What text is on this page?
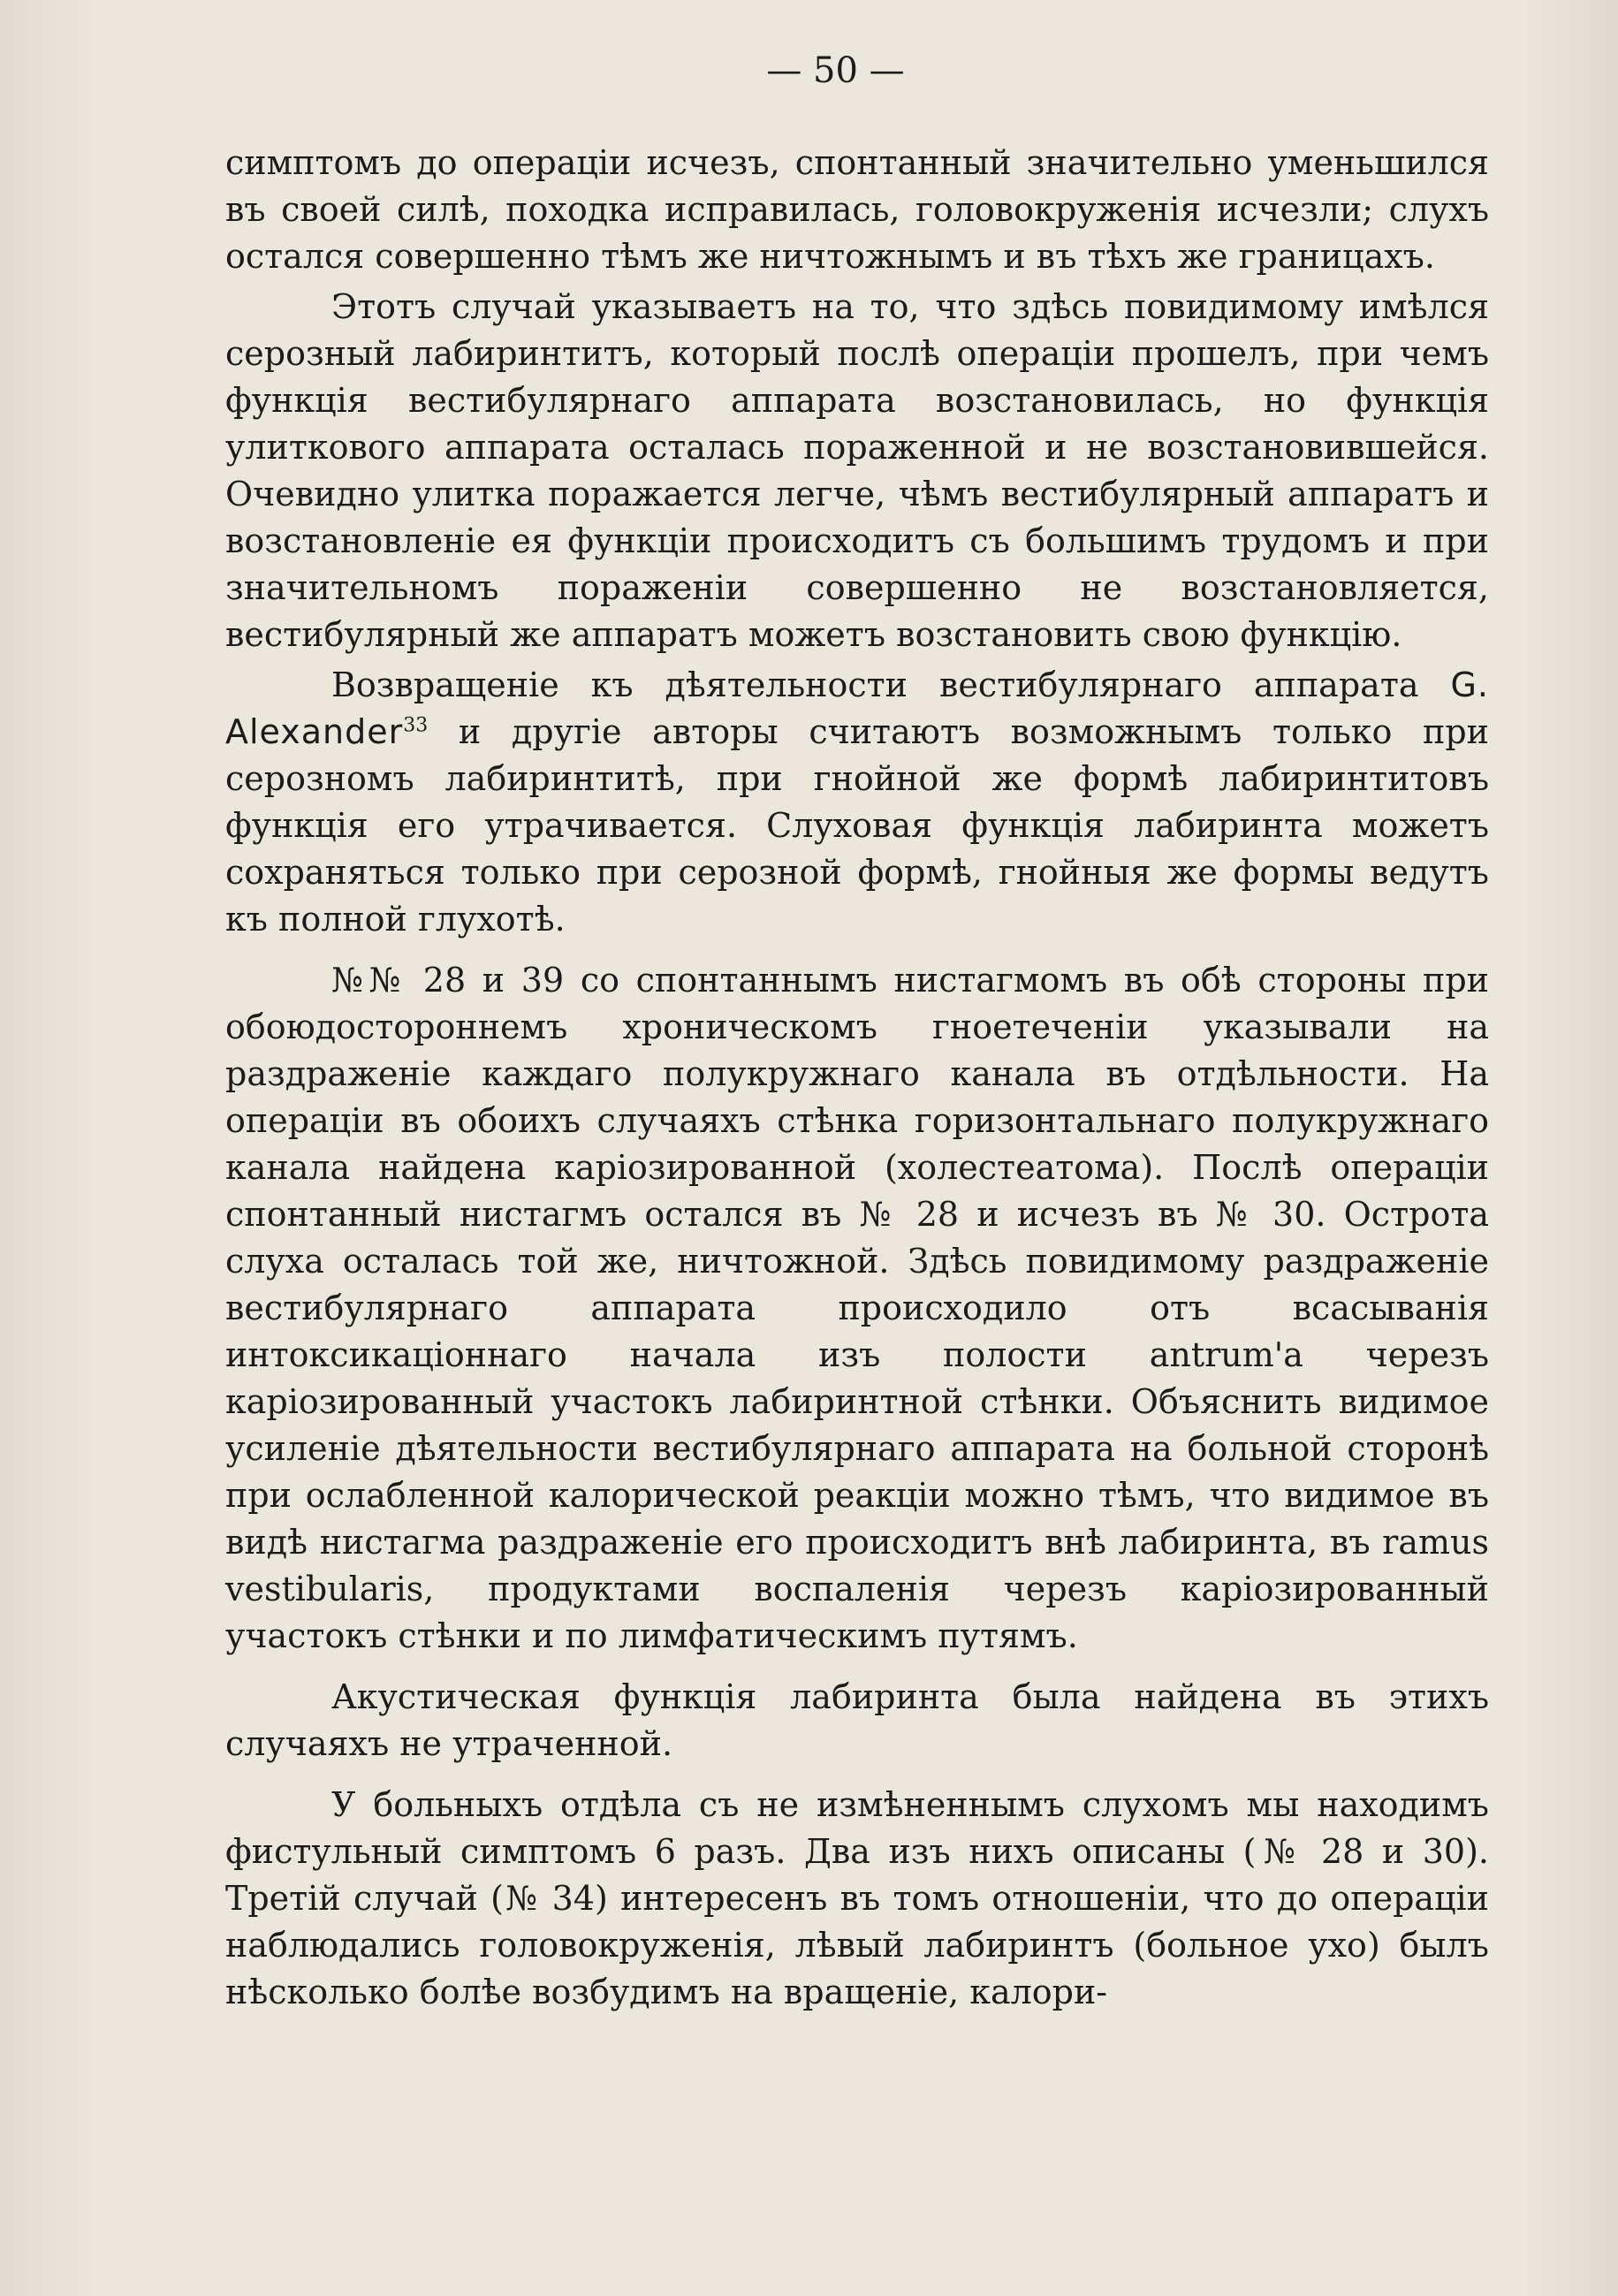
— 50 —

симптомъ до операціи исчезъ, спонтанный значительно уменьшился въ своей силѣ, походка исправилась, головокруженія исчезли; слухъ остался совершенно тѣмъ же ничтожнымъ и въ тѣхъ же границахъ.

Этотъ случай указываетъ на то, что здѣсь повидимому имѣлся серозный лабиринтитъ, который послѣ операціи прошелъ, при чемъ функція вестибулярнаго аппарата возстановилась, но функція улиткового аппарата осталась пораженной и не возстановившейся. Очевидно улитка поражается легче, чѣмъ вестибулярный аппаратъ и возстановленіе ея функціи происходитъ съ большимъ трудомъ и при значительномъ пораженіи совершенно не возстановляется, вестибулярный же аппаратъ можетъ возстановить свою функцію.

Возвращеніе къ дѣятельности вестибулярнаго аппарата G. Alexander$^{33}$ и другіе авторы считаютъ возможнымъ только при серозномъ лабиринтитѣ, при гнойной же формѣ лабиринтитовъ функція его утрачивается. Слуховая функція лабиринта можетъ сохраняться только при серозной формѣ, гнойныя же формы ведутъ къ полной глухотѣ.

№№ 28 и 39 со спонтаннымъ нистагмомъ въ обѣ стороны при обоюдостороннемъ хроническомъ гноетеченіи указывали на раздраженіе каждаго полукружнаго канала въ отдѣльности. На операціи въ обоихъ случаяхъ стѣнка горизонтальнаго полукружнаго канала найдена каріозированной (холестеатома). Послѣ операціи спонтанный нистагмъ остался въ № 28 и исчезъ въ № 30. Острота слуха осталась той же, ничтожной. Здѣсь повидимому раздраженіе вестибулярнаго аппарата происходило отъ всасыванія интоксикаціоннаго начала изъ полости antrum'а черезъ каріозированный участокъ лабиринтной стѣнки. Объяснить видимое усиленіе дѣятельности вестибулярнаго аппарата на больной сторонѣ при ослабленной калорической реакціи можно тѣмъ, что видимое въ видѣ нистагма раздраженіе его происходитъ внѣ лабиринта, въ ramus vestibularis, продуктами воспаленія черезъ каріозированный участокъ стѣнки и по лимфатическимъ путямъ.

Акустическая функція лабиринта была найдена въ этихъ случаяхъ не утраченной.

У больныхъ отдѣла съ не измѣненнымъ слухомъ мы находимъ фистульный симптомъ 6 разъ. Два изъ нихъ описаны (№ 28 и 30). Третій случай (№ 34) интересенъ въ томъ отношеніи, что до операціи наблюдались головокруженія, лѣвый лабиринтъ (больное ухо) былъ нѣсколько болѣе возбудимъ на вращеніе, калори-
